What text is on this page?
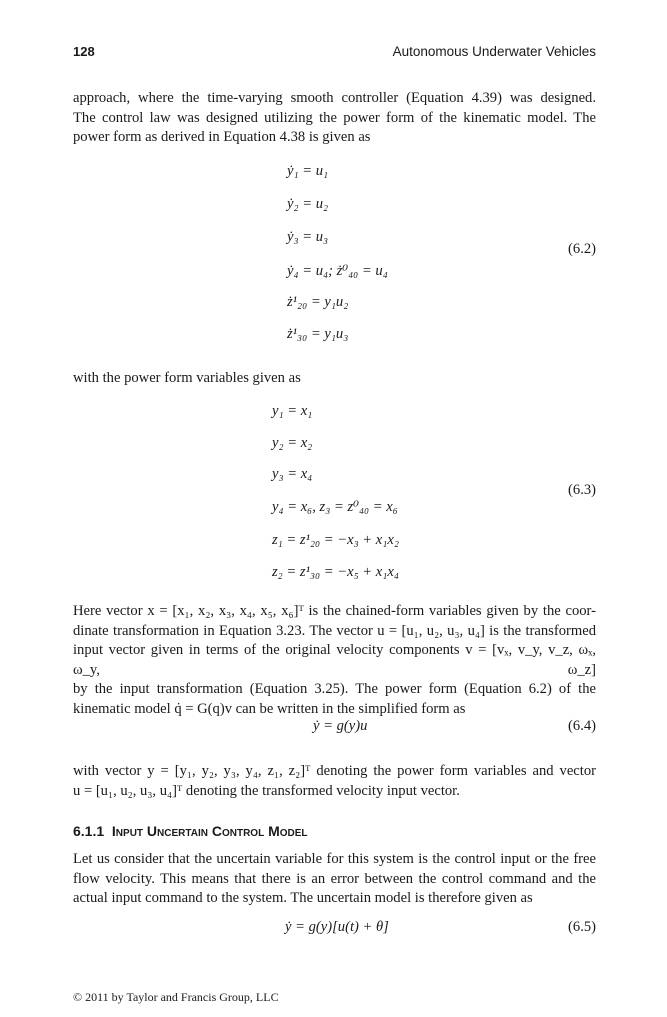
128	Autonomous Underwater Vehicles
approach, where the time-varying smooth controller (Equation 4.39) was designed.
The control law was designed utilizing the power form of the kinematic model. The
power form as derived in Equation 4.38 is given as
ẏ₁ = u₁
ẏ₂ = u₂
ẏ₃ = u₃
ẏ₄ = u₄; ż⁰₄₀ = u₄
ż¹₂₀ = y₁u₂
ż¹₃₀ = y₁u₃
(6.2)

with the power form variables given as

y₁ = x₁
y₂ = x₂
y₃ = x₄
y₄ = x₆, z₃ = z⁰₄₀ = x₆
z₁ = z¹₂₀ = −x₃ + x₁x₂
z₂ = z¹₃₀ = −x₅ + x₁x₄
(6.3)
Here vector x = [x₁, x₂, x₃, x₄, x₅, x₆]ᵀ is the chained-form variables given by the coor-
dinate transformation in Equation 3.23. The vector u = [u₁, u₂, u₃, u₄] is the transformed
input vector given in terms of the original velocity components v = [vₓ, v_y, v_z, ωₓ, ω_y, ω_z]
by the input transformation (Equation 3.25). The power form (Equation 6.2) of the
kinematic model q̇ = G(q)v can be written in the simplified form as
ẏ = g(y)u	(6.4)
with vector y = [y₁, y₂, y₃, y₄, z₁, z₂]ᵀ denoting the power form variables and vector
u = [u₁, u₂, u₃, u₄]ᵀ denoting the transformed velocity input vector.
6.1.1 Input Uncertain Control Model
Let us consider that the uncertain variable for this system is the control input or the free
flow velocity. This means that there is an error between the control command and the
actual input command to the system. The uncertain model is therefore given as
ẏ = g(y)[u(t) + θ]	(6.5)
© 2011 by Taylor and Francis Group, LLC
